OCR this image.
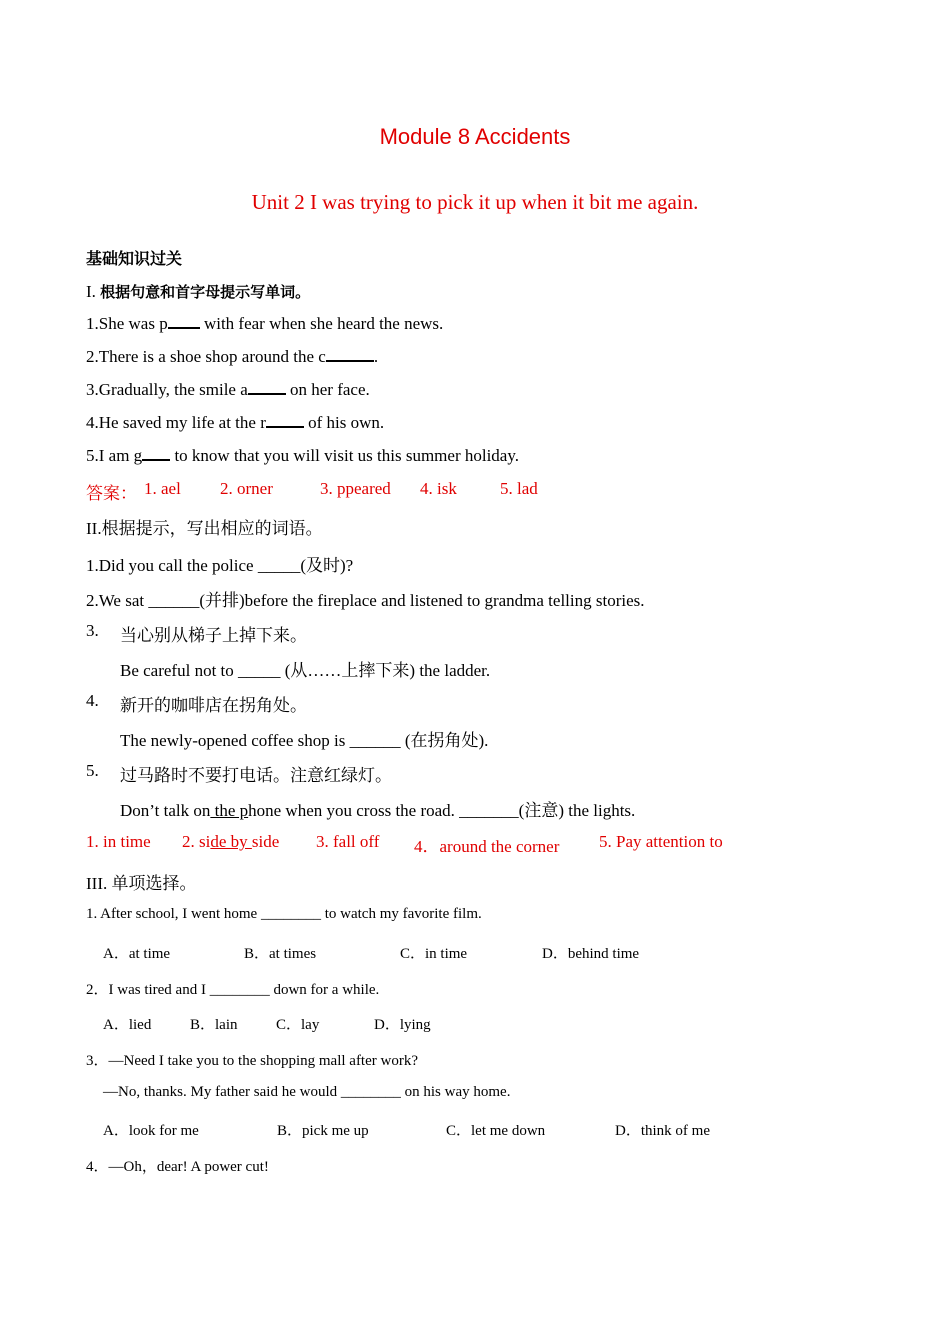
Module 8 Accidents
Unit 2 I was trying to pick it up when it bit me again.
基础知识过关
I. 根据句意和首字母提示写单词。
1.She was p with fear when she heard the news.
2.There is a shoe shop around the c	.
3.Gradually, the smile a on her face.
4.He saved my life at the r of his own.
5.I am g to know that you will visit us this summer holiday.
答案： 1. ael 2. orner	3. ppeared 4. isk	5. lad
II.根据提示，写出相应的词语。
1.Did you call the police _____(及时)?
2.We sat ______(并排)before the fireplace and listened to grandma telling stories.
3. 当心别从梯子上掉下来。
Be careful not to _____ (从……上摔下来) the ladder.
4. 新开的咖啡店在拐角处。
The newly-opened coffee shop is ______ (在拐角处).
5. 过马路时不要打电话。注意红绿灯。
Don’t talk on the phone when you cross the road. _______(注意) the lights.
1. in time 2. side by side 3. fall off 4．around the corner 5. Pay attention to
III. 单项选择。
1. After school, I went home ________ to watch my favorite film.
A．at time	B．at times	C．in time	D．behind time
2．I was tired and I ________ down for a while.
A．lied	B．lain	C．lay	D．lying
3．—Need I take you to the shopping mall after work?
—No, thanks. My father said he would ________ on his way home.
A．look for me	B．pick me up	C．let me down	D．think of me
4．—Oh，dear! A power cut!
